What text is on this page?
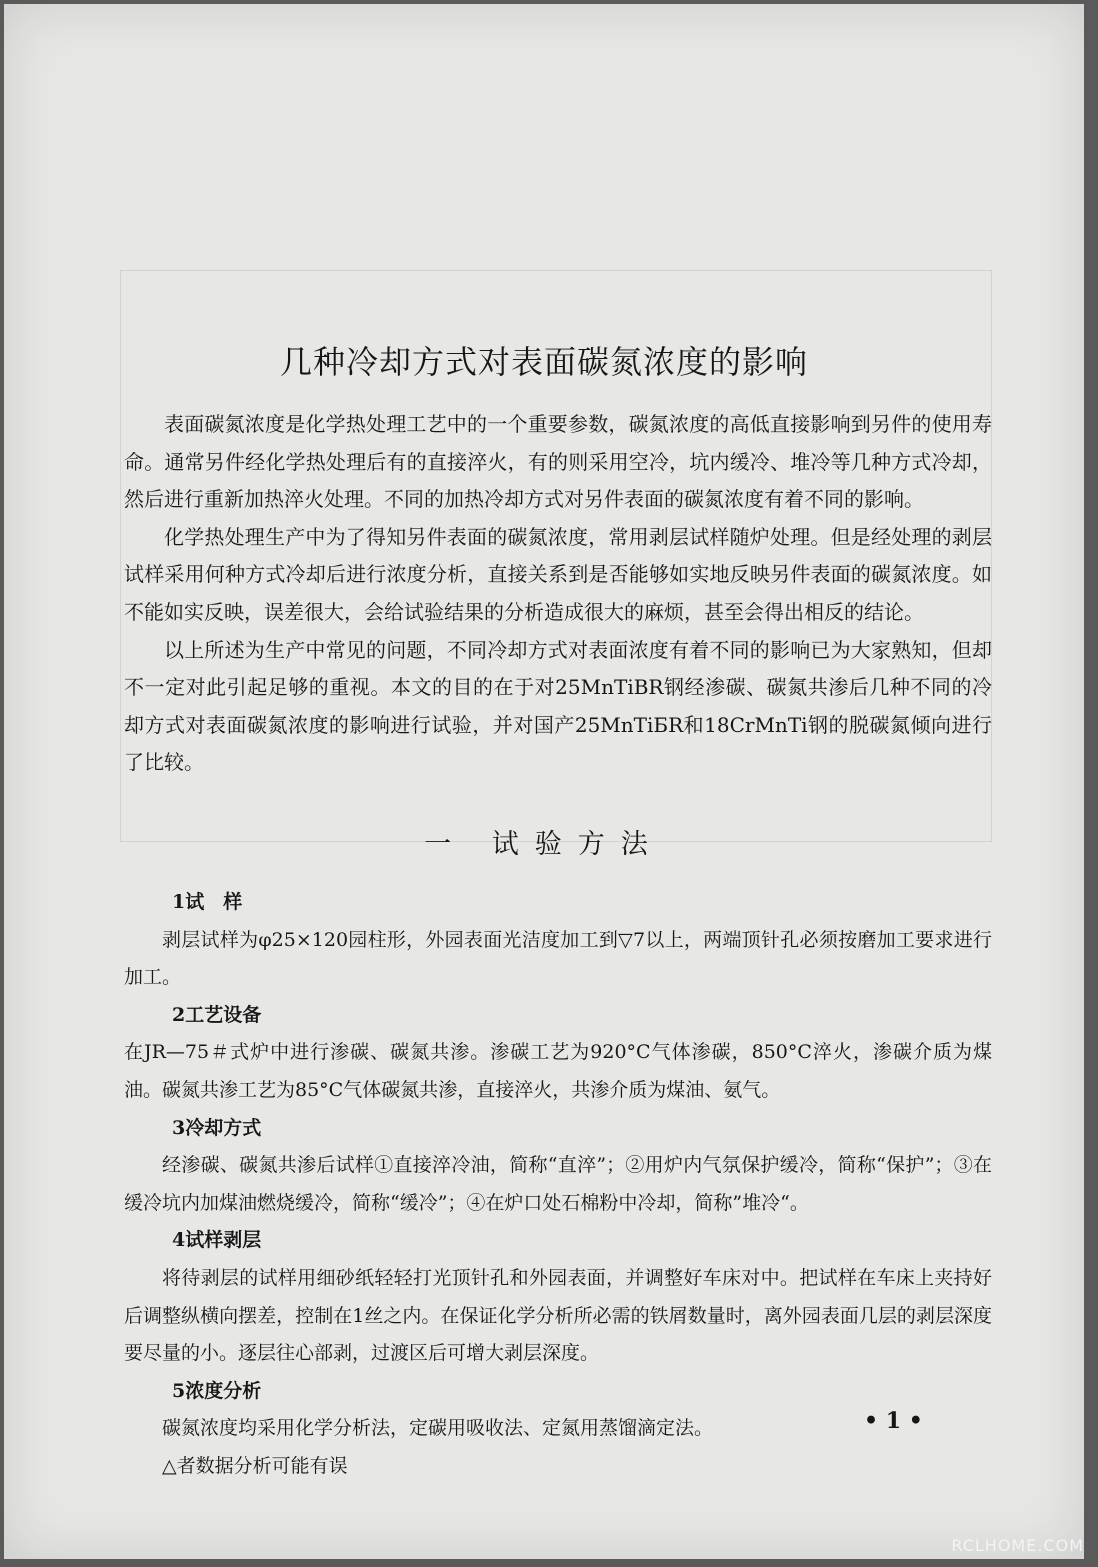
几种冷却方式对表面碳氮浓度的影响

表面碳氮浓度是化学热处理工艺中的一个重要参数，碳氮浓度的高低直接影响到另件的使用寿命。通常另件经化学热处理后有的直接淬火，有的则采用空冷，坑内缓冷、堆冷等几种方式冷却，然后进行重新加热淬火处理。不同的加热冷却方式对另件表面的碳氮浓度有着不同的影响。

化学热处理生产中为了得知另件表面的碳氮浓度，常用剥层试样随炉处理。但是经处理的剥层试样采用何种方式冷却后进行浓度分析，直接关系到是否能够如实地反映另件表面的碳氮浓度。如不能如实反映，误差很大，会给试验结果的分析造成很大的麻烦，甚至会得出相反的结论。

以上所述为生产中常见的问题，不同冷却方式对表面浓度有着不同的影响已为大家熟知，但却不一定对此引起足够的重视。本文的目的在于对25MnTiBR钢经渗碳、碳氮共渗后几种不同的冷却方式对表面碳氮浓度的影响进行试验，并对国产25MnTiБR和18CrMnTi钢的脱碳氮倾向进行了比较。

一 试验方法
1试　样

剥层试样为φ25×120园柱形，外园表面光洁度加工到▽7以上，两端顶针孔必须按磨加工要求进行加工。

2工艺设备

在JR—75＃式炉中进行渗碳、碳氮共渗。渗碳工艺为920°C气体渗碳，850°C淬火，渗碳介质为煤油。碳氮共渗工艺为85°C气体碳氮共渗，直接淬火，共渗介质为煤油、氨气。

3冷却方式

经渗碳、碳氮共渗后试样①直接淬冷油，简称“直淬”；②用炉内气氛保护缓冷，简称“保护”；③在缓冷坑内加煤油燃烧缓冷，简称“缓冷”；④在炉口处石棉粉中冷却，简称”堆冷“。

4试样剥层

将待剥层的试样用细砂纸轻轻打光顶针孔和外园表面，并调整好车床对中。把试样在车床上夹持好后调整纵横向摆差，控制在1丝之内。在保证化学分析所必需的铁屑数量时，离外园表面几层的剥层深度要尽量的小。逐层往心部剥，过渡区后可增大剥层深度。

5浓度分析

碳氮浓度均采用化学分析法，定碳用吸收法、定氮用蒸馏滴定法。

△者数据分析可能有误

• 1 •
RCLHOME.COM
